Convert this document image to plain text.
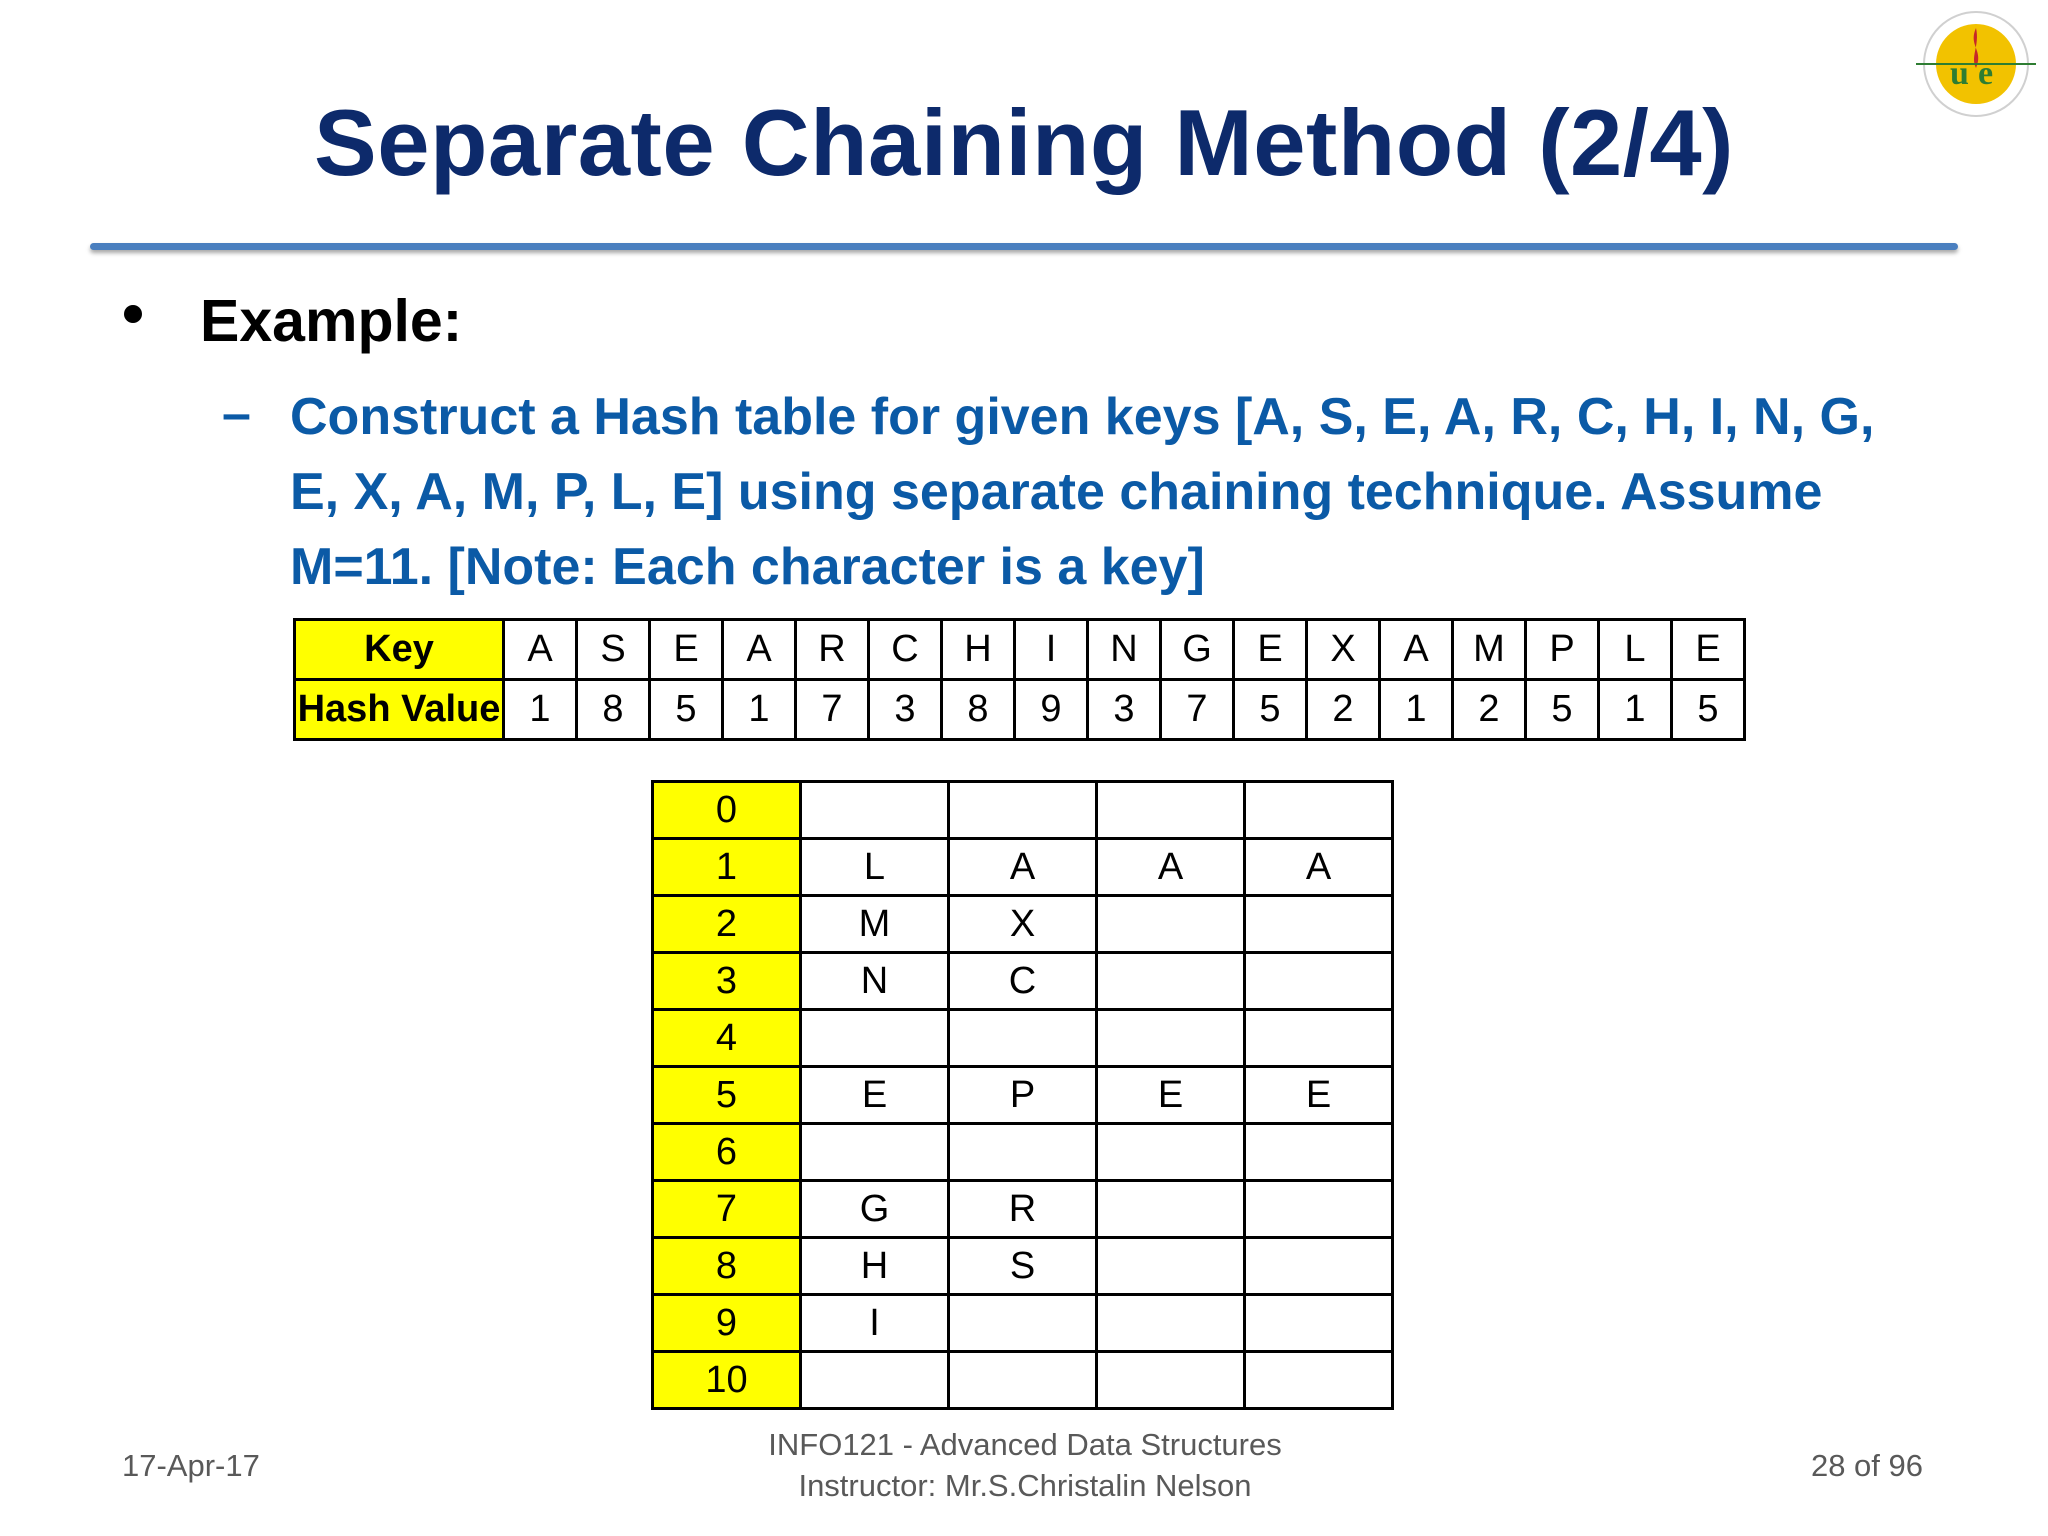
Separate Chaining Method (2/4)
u e
Example:
– Construct a Hash table for given keys [A, S, E, A, R, C, H, I, N, G,
E, X, A, M, P, L, E] using separate chaining technique. Assume
M=11. [Note: Each character is a key]
Key	A	S	E	A	R	C	H	I	N	G	E	X	A	M	P	L	E
Hash Value	1	8	5	1	7	3	8	9	3	7	5	2	1	2	5	1	5
0				
1	L	A	A	A
2	M	X		
3	N	C		
4				
5	E	P	E	E
6				
7	G	R		
8	H	S		
9	I			
10				
17-Apr-17
INFO121 - Advanced Data Structures
Instructor: Mr.S.Christalin Nelson
28 of 96
